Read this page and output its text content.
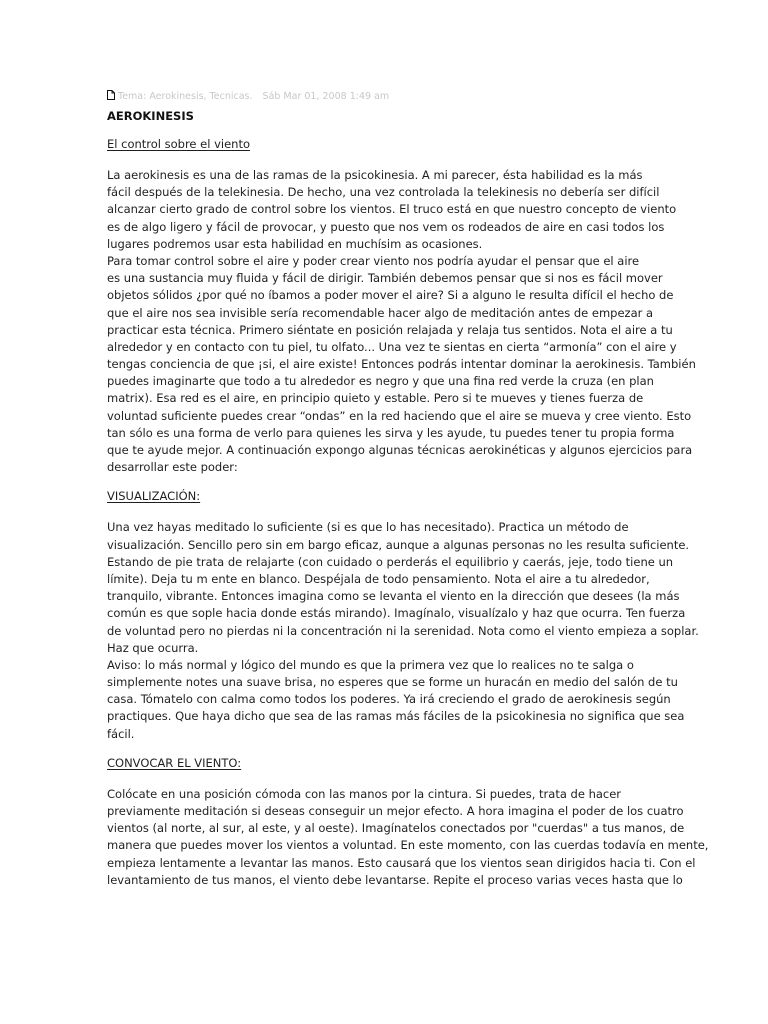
Tema: Aerokinesis, Tecnicas. Sáb Mar 01, 2008 1:49 am
AEROKINESIS
El control sobre el viento
La aerokinesis es una de las ramas de la psicokinesia. A mi parecer, ésta habilidad es la más
fácil después de la telekinesia. De hecho, una vez controlada la telekinesis no debería ser difícil
alcanzar cierto grado de control sobre los vientos. El truco está en que nuestro concepto de viento
es de algo ligero y fácil de provocar, y puesto que nos vem os rodeados de aire en casi todos los
lugares podremos usar esta habilidad en muchísim as ocasiones.
Para tomar control sobre el aire y poder crear viento nos podría ayudar el pensar que el aire
es una sustancia muy fluida y fácil de dirigir. También debemos pensar que si nos es fácil mover
objetos sólidos ¿por qué no íbamos a poder mover el aire? Si a alguno le resulta difícil el hecho de
que el aire nos sea invisible sería recomendable hacer algo de meditación antes de empezar a
practicar esta técnica. Primero siéntate en posición relajada y relaja tus sentidos. Nota el aire a tu
alrededor y en contacto con tu piel, tu olfato... Una vez te sientas en cierta “armonía” con el aire y
tengas conciencia de que ¡si, el aire existe! Entonces podrás intentar dominar la aerokinesis. También
puedes imaginarte que todo a tu alrededor es negro y que una fina red verde la cruza (en plan
matrix). Esa red es el aire, en principio quieto y estable. Pero si te mueves y tienes fuerza de
voluntad suficiente puedes crear “ondas” en la red haciendo que el aire se mueva y cree viento. Esto
tan sólo es una forma de verlo para quienes les sirva y les ayude, tu puedes tener tu propia forma
que te ayude mejor. A continuación expongo algunas técnicas aerokinéticas y algunos ejercicios para
desarrollar este poder:
VISUALIZACIÓN:
Una vez hayas meditado lo suficiente (si es que lo has necesitado). Practica un método de
visualización. Sencillo pero sin em bargo eficaz, aunque a algunas personas no les resulta suficiente.
Estando de pie trata de relajarte (con cuidado o perderás el equilibrio y caerás, jeje, todo tiene un
límite). Deja tu m ente en blanco. Despéjala de todo pensamiento. Nota el aire a tu alrededor,
tranquilo, vibrante. Entonces imagina como se levanta el viento en la dirección que desees (la más
común es que sople hacia donde estás mirando). Imagínalo, visualízalo y haz que ocurra. Ten fuerza
de voluntad pero no pierdas ni la concentración ni la serenidad. Nota como el viento empieza a soplar.
Haz que ocurra.
Aviso: lo más normal y lógico del mundo es que la primera vez que lo realices no te salga o
simplemente notes una suave brisa, no esperes que se forme un huracán en medio del salón de tu
casa. Tómatelo con calma como todos los poderes. Ya irá creciendo el grado de aerokinesis según
practiques. Que haya dicho que sea de las ramas más fáciles de la psicokinesia no significa que sea
fácil.
CONVOCAR EL VIENTO:
Colócate en una posición cómoda con las manos por la cintura. Si puedes, trata de hacer
previamente meditación si deseas conseguir un mejor efecto. A hora imagina el poder de los cuatro
vientos (al norte, al sur, al este, y al oeste). Imagínatelos conectados por "cuerdas" a tus manos, de
manera que puedes mover los vientos a voluntad. En este momento, con las cuerdas todavía en mente,
empieza lentamente a levantar las manos. Esto causará que los vientos sean dirigidos hacia ti. Con el
levantamiento de tus manos, el viento debe levantarse. Repite el proceso varias veces hasta que lo
